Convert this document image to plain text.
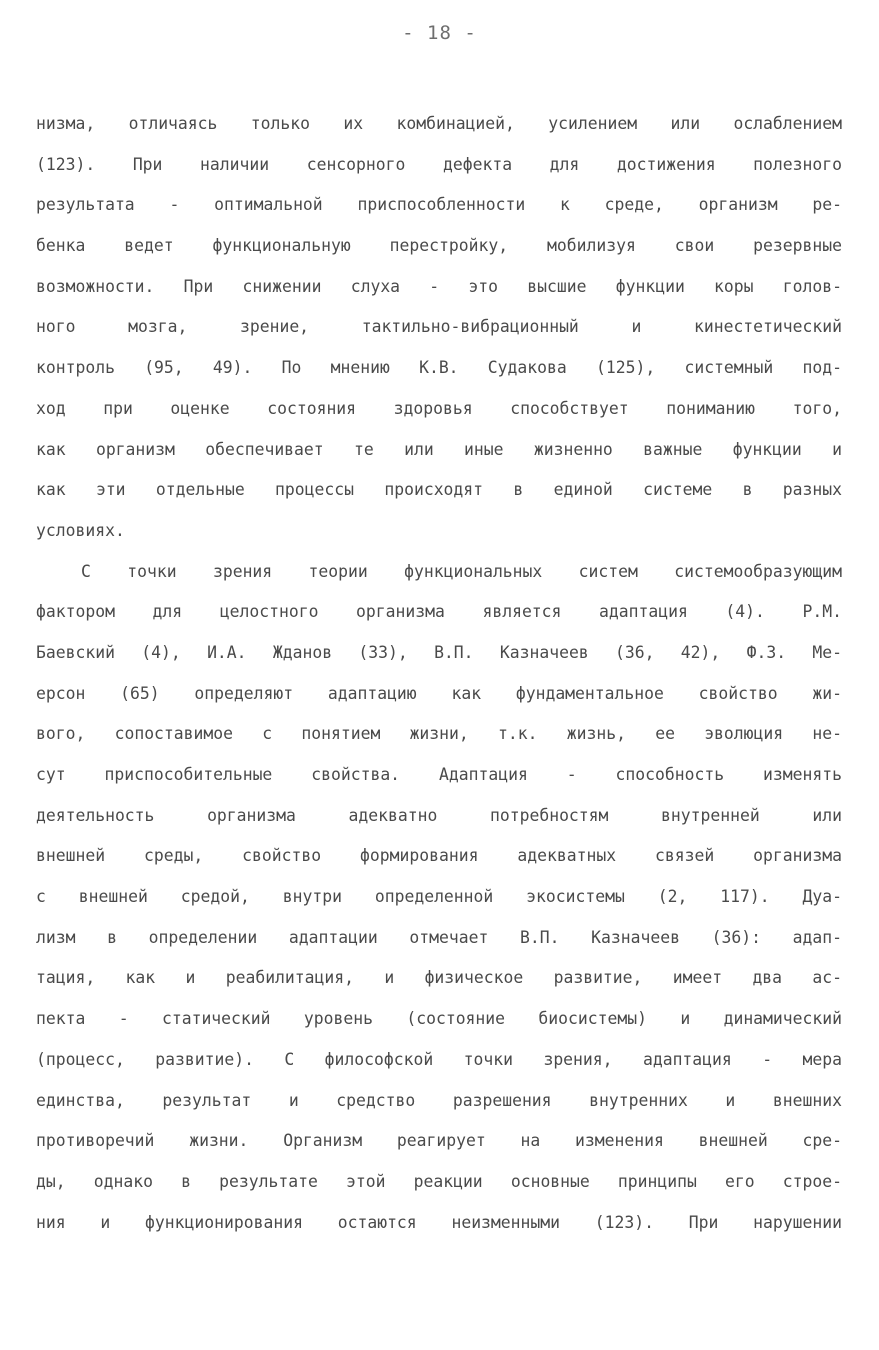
- 18 -
низма, отличаясь только их комбинацией, усилением или ослаблением
(123). При наличии сенсорного дефекта для достижения полезного
результата - оптимальной приспособленности к среде, организм ре-
бенка ведет функциональную перестройку, мобилизуя свои резервные
возможности. При снижении слуха - это высшие функции коры голов-
ного мозга, зрение, тактильно-вибрационный и кинестетический
контроль (95, 49). По мнению К.В. Судакова (125), системный под-
ход при оценке состояния здоровья способствует пониманию того,
как организм обеспечивает те или иные жизненно важные функции и
как эти отдельные процессы происходят в единой системе в разных
условиях.
С точки зрения теории функциональных систем системообразующим
фактором для целостного организма является адаптация (4). Р.М.
Баевский (4), И.А. Жданов (33), В.П. Казначеев (36, 42), Ф.З. Ме-
ерсон (65) определяют адаптацию как фундаментальное свойство жи-
вого, сопоставимое с понятием жизни, т.к. жизнь, ее эволюция не-
сут приспособительные свойства. Адаптация - способность изменять
деятельность организма адекватно потребностям внутренней или
внешней среды, свойство формирования адекватных связей организма
с внешней средой, внутри определенной экосистемы (2, 117). Дуа-
лизм в определении адаптации отмечает В.П. Казначеев (36): адап-
тация, как и реабилитация, и физическое развитие, имеет два ас-
пекта - статический уровень (состояние биосистемы) и динамический
(процесс, развитие). С философской точки зрения, адаптация - мера
единства, результат и средство разрешения внутренних и внешних
противоречий жизни. Организм реагирует на изменения внешней сре-
ды, однако в результате этой реакции основные принципы его строе-
ния и функционирования остаются неизменными (123). При нарушении
